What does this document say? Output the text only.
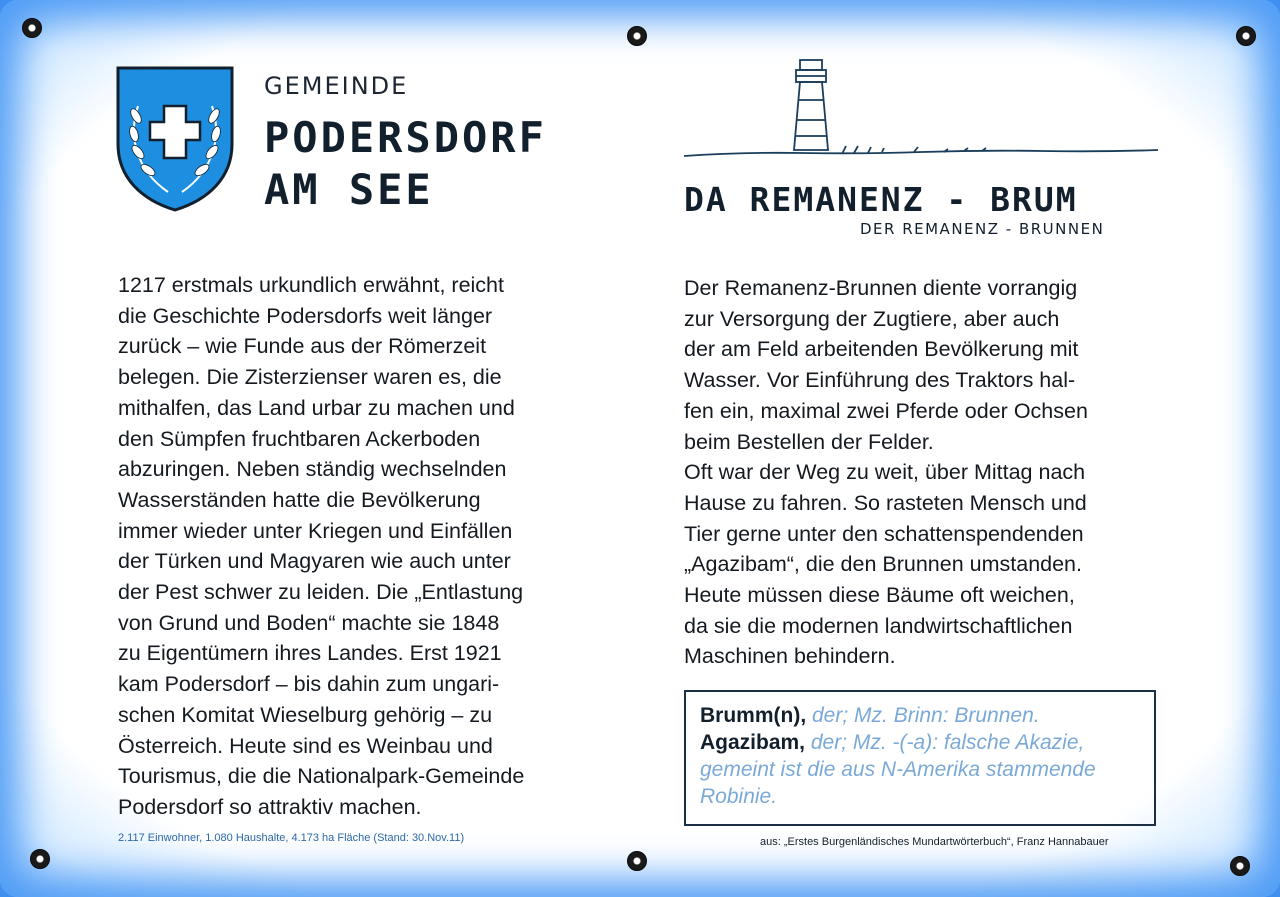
GEMEINDE
PODERSDORF
AM SEE	DA REMANENZ - BRUM
DER REMANENZ - BRUNNEN

1217 erstmals urkundlich erwähnt, reicht
die Geschichte Podersdorfs weit länger
zurück – wie Funde aus der Römerzeit
belegen. Die Zisterzienser waren es, die
mithalfen, das Land urbar zu machen und
den Sümpfen fruchtbaren Ackerboden
abzuringen. Neben ständig wechselnden
Wasserständen hatte die Bevölkerung
immer wieder unter Kriegen und Einfällen
der Türken und Magyaren wie auch unter
der Pest schwer zu leiden. Die „Entlastung
von Grund und Boden“ machte sie 1848
zu Eigentümern ihres Landes. Erst 1921
kam Podersdorf – bis dahin zum ungari-
schen Komitat Wieselburg gehörig – zu
Österreich. Heute sind es Weinbau und
Tourismus, die die Nationalpark-Gemeinde
Podersdorf so attraktiv machen.

2.117 Einwohner, 1.080 Haushalte, 4.173 ha Fläche (Stand: 30.Nov.11)

Der Remanenz-Brunnen diente vorrangig
zur Versorgung der Zugtiere, aber auch
der am Feld arbeitenden Bevölkerung mit
Wasser. Vor Einführung des Traktors hal-
fen ein, maximal zwei Pferde oder Ochsen
beim Bestellen der Felder.
Oft war der Weg zu weit, über Mittag nach
Hause zu fahren. So rasteten Mensch und
Tier gerne unter den schattenspendenden
„Agazibam“, die den Brunnen umstanden.
Heute müssen diese Bäume oft weichen,
da sie die modernen landwirtschaftlichen
Maschinen behindern.

Brumm(n), der; Mz. Brinn: Brunnen.
Agazibam, der; Mz. -(-a): falsche Akazie, gemeint ist die aus N-Amerika stammende Robinie.
aus: „Erstes Burgenländisches Mundartwörterbuch“, Franz Hannabauer
